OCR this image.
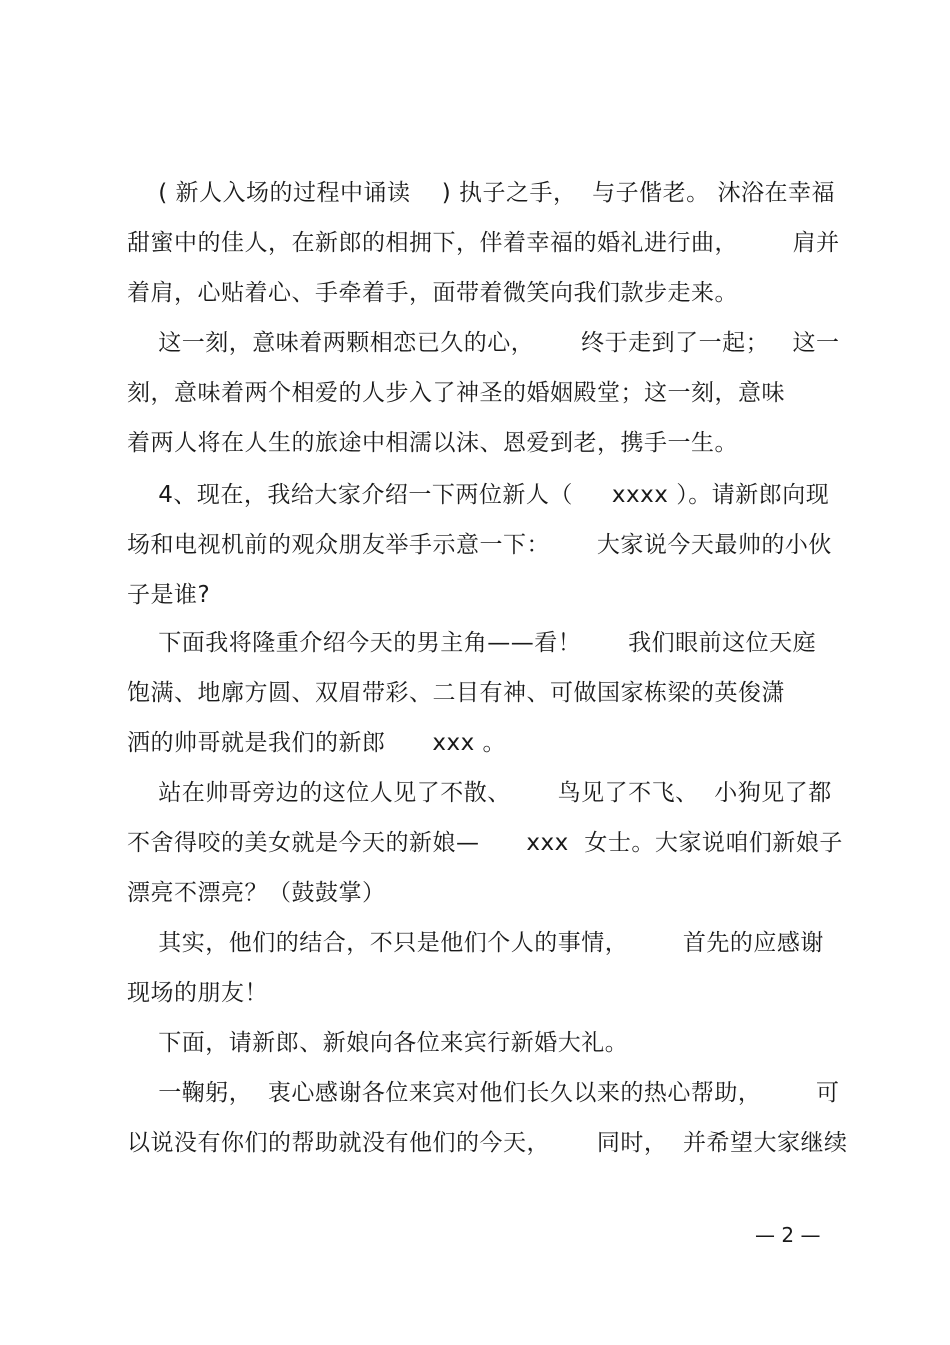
( 新人入场的过程中诵读    ) 执子之手，  与子偕老。 沐浴在幸福
甜蜜中的佳人，在新郎的相拥下，伴着幸福的婚礼进行曲，       肩并
着肩，心贴着心、手牵着手，面带着微笑向我们款步走来。
这一刻，意味着两颗相恋已久的心，      终于走到了一起；   这一
刻，意味着两个相爱的人步入了神圣的婚姻殿堂；这一刻，意味
着两人将在人生的旅途中相濡以沫、恩爱到老，携手一生。
4、现在，我给大家介绍一下两位新人（     xxxx ）。请新郎向现
场和电视机前的观众朋友举手示意一下：      大家说今天最帅的小伙
子是谁?
下面我将隆重介绍今天的男主角——看！      我们眼前这位天庭
饱满、地廓方圆、双眉带彩、二目有神、可做国家栋梁的英俊潇
洒的帅哥就是我们的新郎      xxx 。
站在帅哥旁边的这位人见了不散、      鸟见了不飞、  小狗见了都
不舍得咬的美女就是今天的新娘—      xxx  女士。大家说咱们新娘子
漂亮不漂亮？（鼓鼓掌）
其实，他们的结合，不只是他们个人的事情，       首先的应感谢
现场的朋友！
下面，请新郎、新娘向各位来宾行新婚大礼。
一鞠躬，  衷心感谢各位来宾对他们长久以来的热心帮助，       可
以说没有你们的帮助就没有他们的今天，      同时，  并希望大家继续
— 2 —
